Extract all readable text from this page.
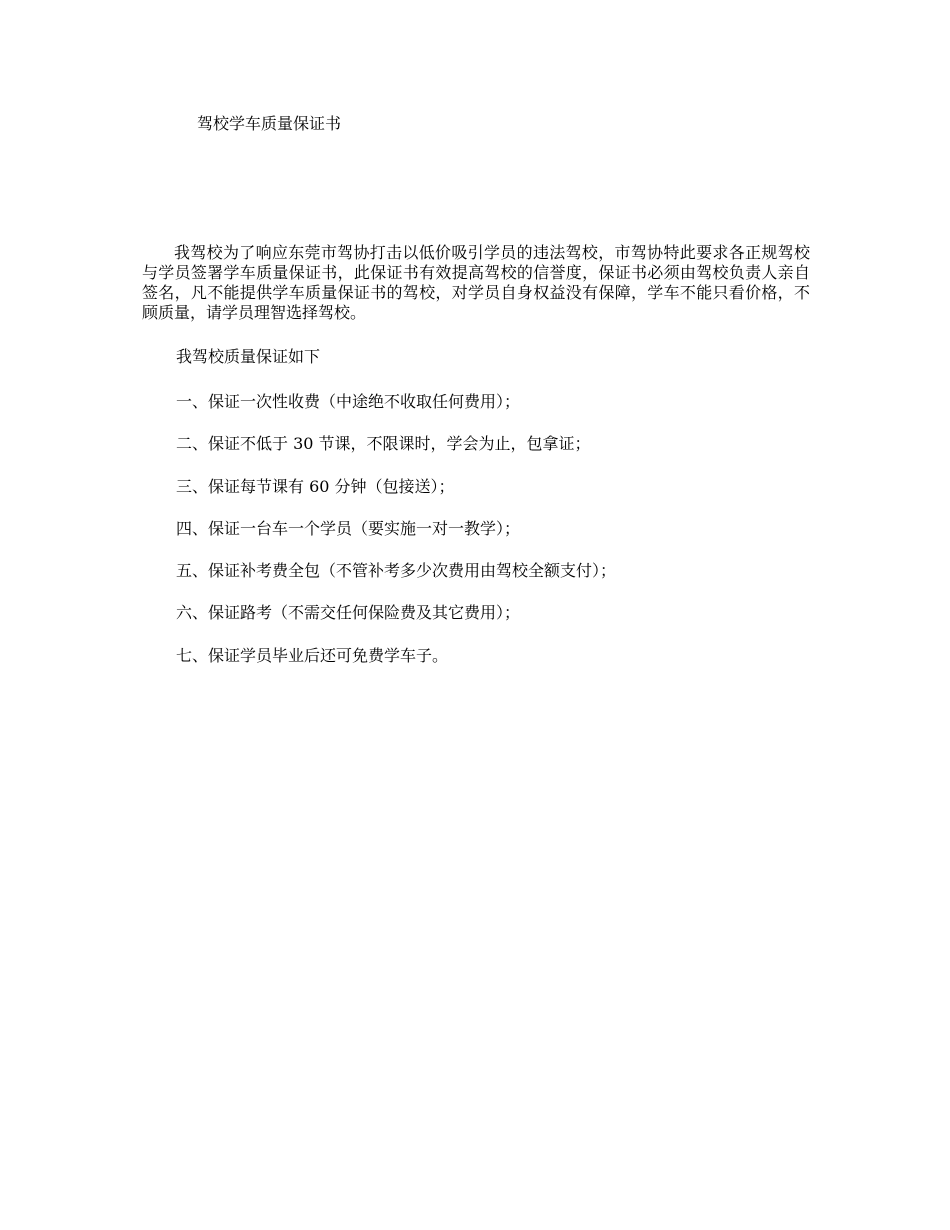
驾校学车质量保证书

我驾校为了响应东莞市驾协打击以低价吸引学员的违法驾校，市驾协特此要求各正规驾校与学员签署学车质量保证书，此保证书有效提高驾校的信誉度，保证书必须由驾校负责人亲自签名，凡不能提供学车质量保证书的驾校，对学员自身权益没有保障，学车不能只看价格，不顾质量，请学员理智选择驾校。

我驾校质量保证如下

一、保证一次性收费（中途绝不收取任何费用）；
二、保证不低于 30 节课，不限课时，学会为止，包拿证；
三、保证每节课有 60 分钟（包接送）；
四、保证一台车一个学员（要实施一对一教学）；
五、保证补考费全包（不管补考多少次费用由驾校全额支付）；
六、保证路考（不需交任何保险费及其它费用）；
七、保证学员毕业后还可免费学车子。
